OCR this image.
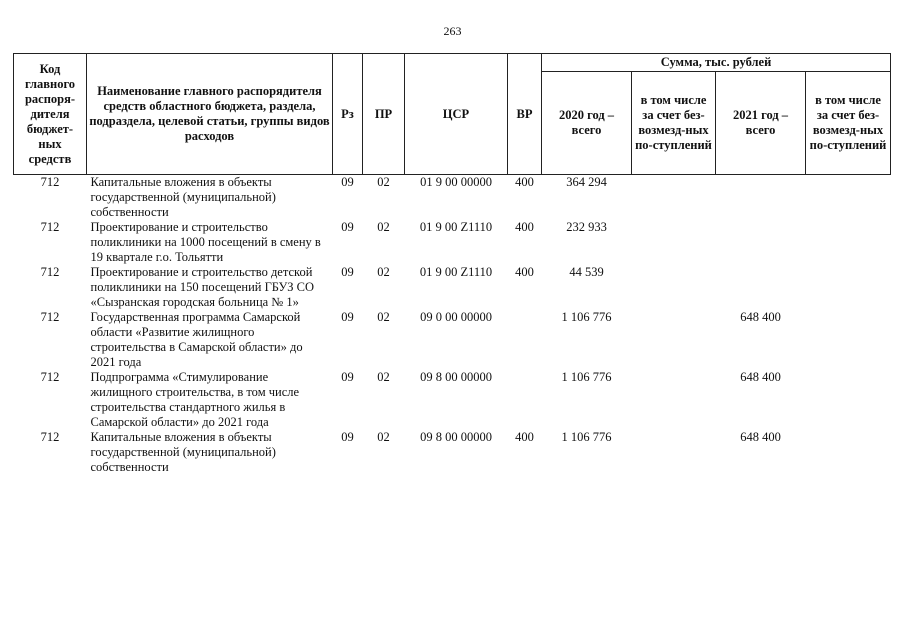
263
Код главного распоря-дителя бюджет-ных средств	Наименование главного распорядителя средств областного бюджета, раздела, подраздела, целевой статьи, группы видов расходов	Рз	ПР	ЦСР	ВР	Сумма, тыс. рублей			
						2020 год – всего	в том числе за счет без-возмезд-ных по-ступлений	2021 год – всего	в том числе за счет без-возмезд-ных по-ступлений
712	Капитальные вложения в объекты государственной (муниципальной) собственности	09	02	01 9 00 00000	400	364 294			
712	Проектирование и строительство поликлиники на 1000 посещений в смену в 19 квартале г.о. Тольятти	09	02	01 9 00 Z1110	400	232 933			
712	Проектирование и строительство детской поликлиники на 150 посещений ГБУЗ СО «Сызранская городская больница № 1»	09	02	01 9 00 Z1110	400	44 539			
712	Государственная программа Самарской области «Развитие жилищного строительства в Самарской области» до 2021 года	09	02	09 0 00 00000		1 106 776		648 400	
712	Подпрограмма «Стимулирование жилищного строительства, в том числе строительства стандартного жилья в Самарской области» до 2021 года	09	02	09 8 00 00000		1 106 776		648 400	
712	Капитальные вложения в объекты государственной (муниципальной) собственности	09	02	09 8 00 00000	400	1 106 776		648 400	
